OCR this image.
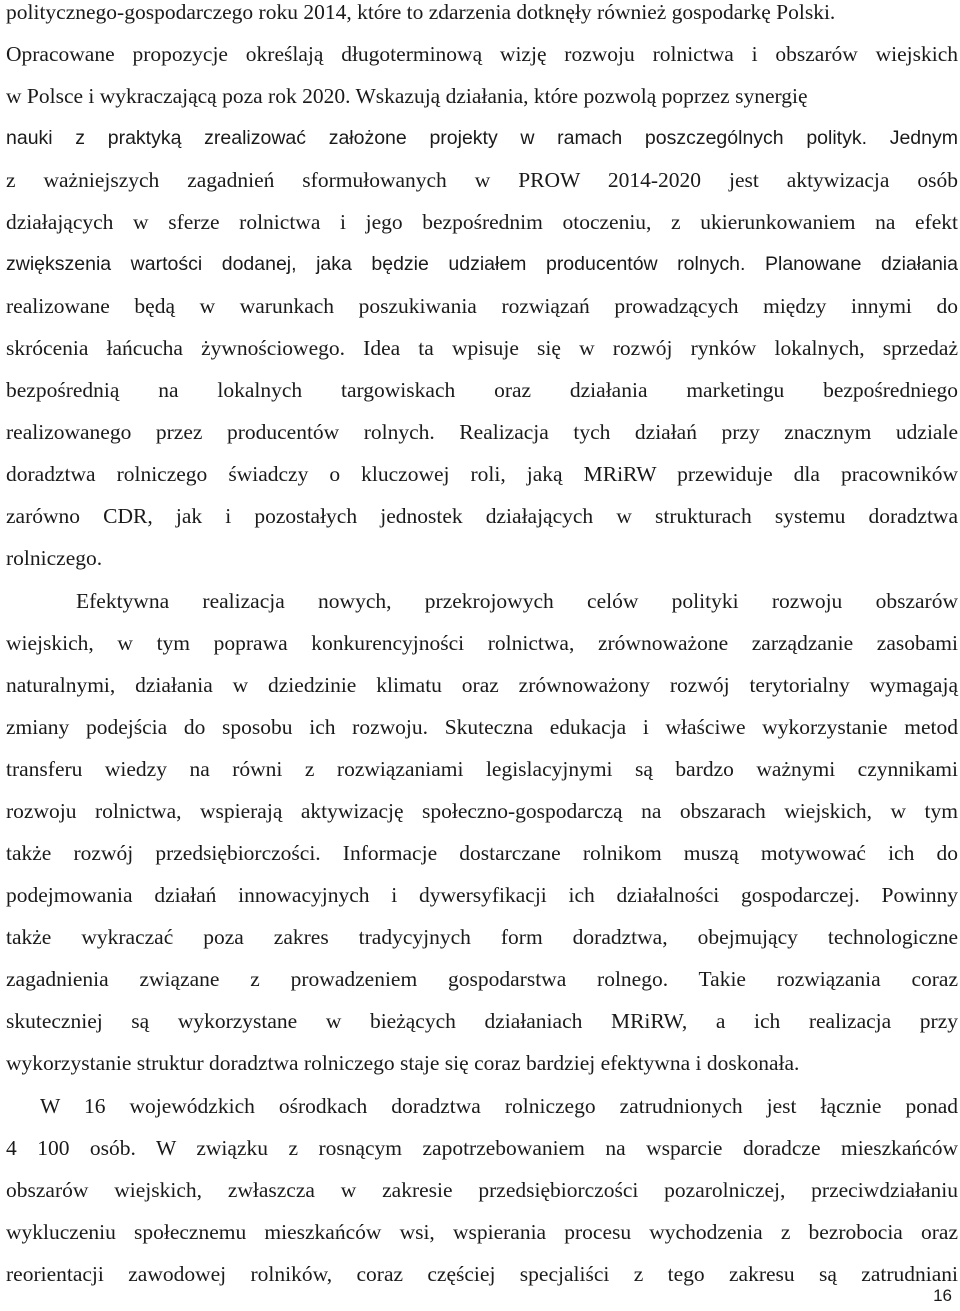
politycznego-gospodarczego roku 2014, które to zdarzenia dotknęły również gospodarkę Polski.
Opracowane propozycje określają długoterminową wizję rozwoju rolnictwa i obszarów wiejskich
w Polsce i wykraczającą poza rok 2020. Wskazują działania, które pozwolą poprzez synergię
nauki z praktyką zrealizować założone projekty w ramach poszczególnych polityk. Jednym
z ważniejszych zagadnień sformułowanych w PROW 2014-2020 jest aktywizacja osób
działających w sferze rolnictwa i jego bezpośrednim otoczeniu, z ukierunkowaniem na efekt
zwiększenia wartości dodanej, jaka będzie udziałem producentów rolnych. Planowane działania
realizowane będą w warunkach poszukiwania rozwiązań prowadzących między innymi do
skrócenia łańcucha żywnościowego. Idea ta wpisuje się w rozwój rynków lokalnych, sprzedaż
bezpośrednią na lokalnych targowiskach oraz działania marketingu bezpośredniego
realizowanego przez producentów rolnych. Realizacja tych działań przy znacznym udziale
doradztwa rolniczego świadczy o kluczowej roli, jaką MRiRW przewiduje dla pracowników
zarówno CDR, jak i pozostałych jednostek działających w strukturach systemu doradztwa
rolniczego.
Efektywna realizacja nowych, przekrojowych celów polityki rozwoju obszarów
wiejskich, w tym poprawa konkurencyjności rolnictwa, zrównoważone zarządzanie zasobami
naturalnymi, działania w dziedzinie klimatu oraz zrównoważony rozwój terytorialny wymagają
zmiany podejścia do sposobu ich rozwoju. Skuteczna edukacja i właściwe wykorzystanie metod
transferu wiedzy na równi z rozwiązaniami legislacyjnymi są bardzo ważnymi czynnikami
rozwoju rolnictwa, wspierają aktywizację społeczno-gospodarczą na obszarach wiejskich, w tym
także rozwój przedsiębiorczości. Informacje dostarczane rolnikom muszą motywować ich do
podejmowania działań innowacyjnych i dywersyfikacji ich działalności gospodarczej. Powinny
także wykraczać poza zakres tradycyjnych form doradztwa, obejmujący technologiczne
zagadnienia związane z prowadzeniem gospodarstwa rolnego. Takie rozwiązania coraz
skuteczniej są wykorzystane w bieżących działaniach MRiRW, a ich realizacja przy
wykorzystanie struktur doradztwa rolniczego staje się coraz bardziej efektywna i doskonała.
W 16 wojewódzkich ośrodkach doradztwa rolniczego zatrudnionych jest łącznie ponad
4 100 osób. W związku z rosnącym zapotrzebowaniem na wsparcie doradcze mieszkańców
obszarów wiejskich, zwłaszcza w zakresie przedsiębiorczości pozarolniczej, przeciwdziałaniu
wykluczeniu społecznemu mieszkańców wsi, wspierania procesu wychodzenia z bezrobocia oraz
reorientacji zawodowej rolników, coraz częściej specjaliści z tego zakresu są zatrudniani
16
